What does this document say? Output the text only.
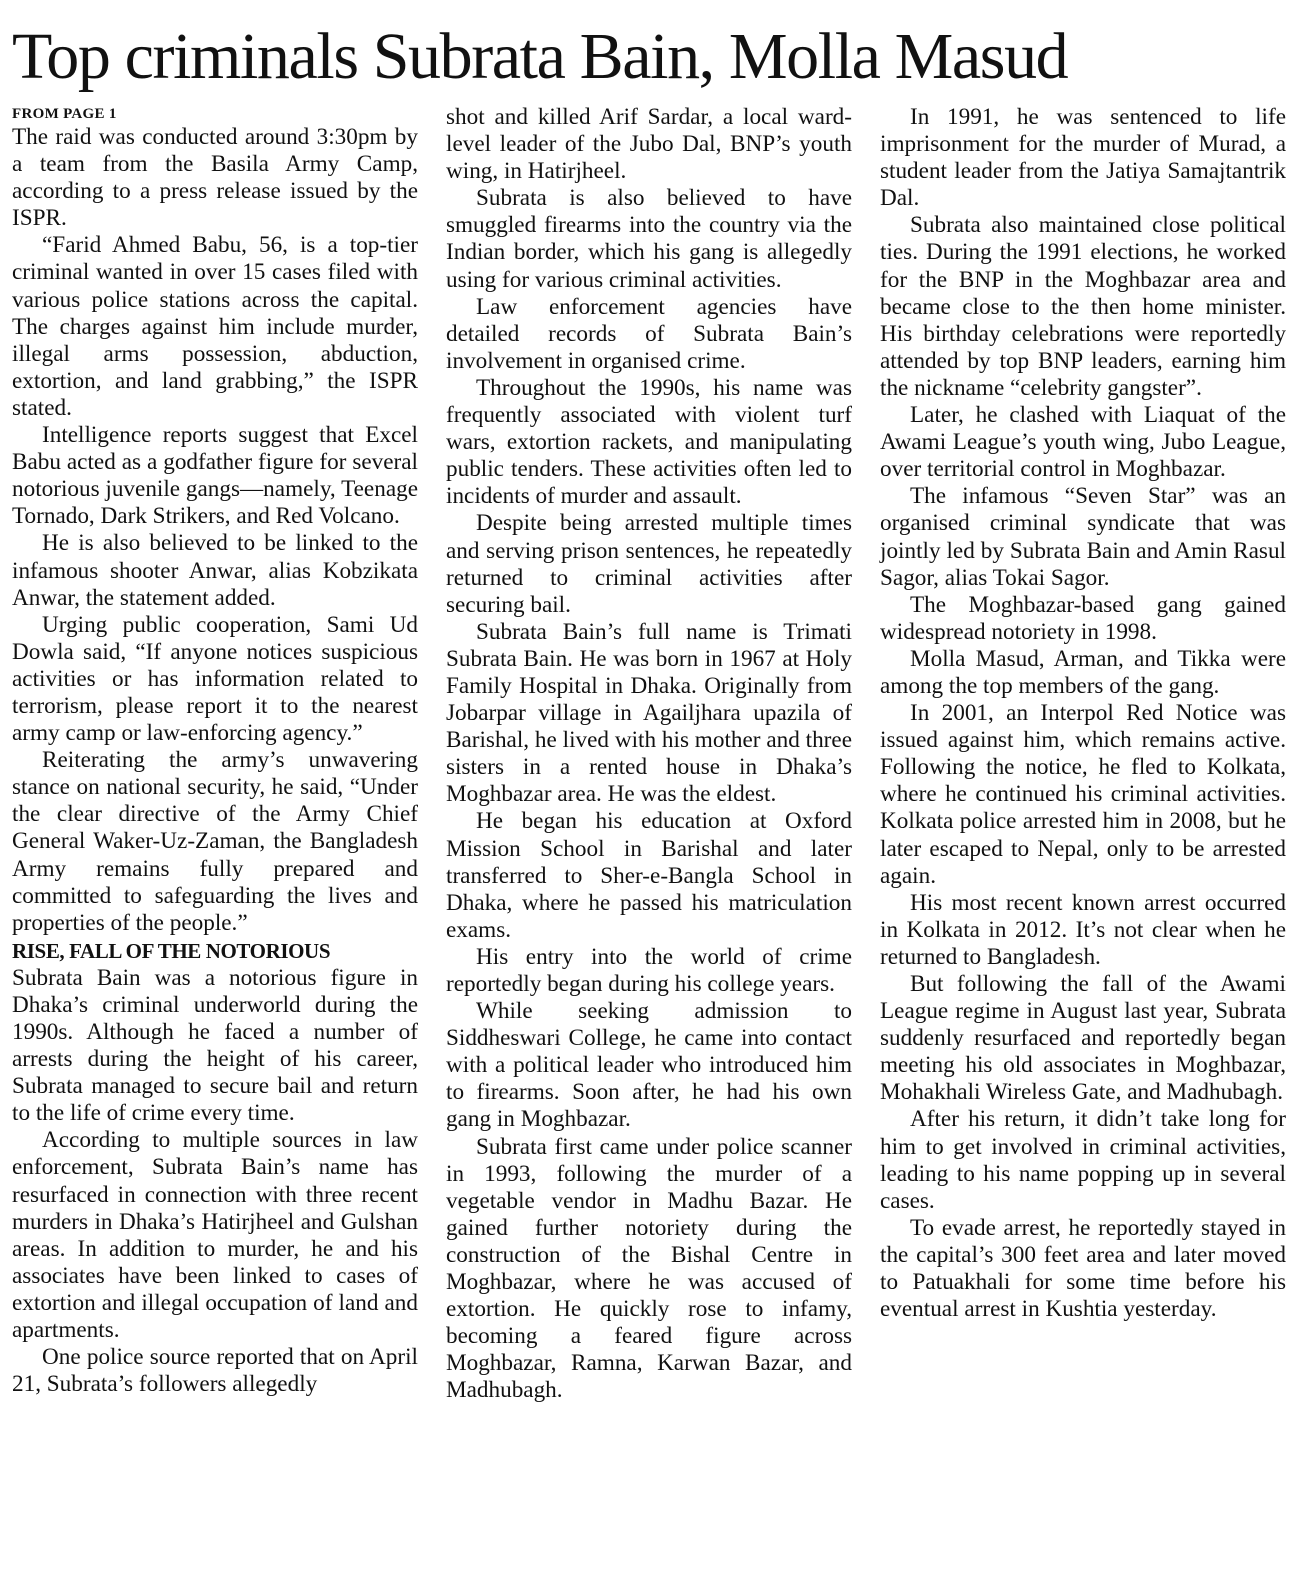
Top criminals Subrata Bain, Molla Masud
FROM PAGE 1

The raid was conducted around 3:30pm by a team from the Basila Army Camp, according to a press release issued by the ISPR.

“Farid Ahmed Babu, 56, is a top-tier criminal wanted in over 15 cases filed with various police stations across the capital. The charges against him include murder, illegal arms possession, abduction, extortion, and land grabbing,” the ISPR stated.

Intelligence reports suggest that Excel Babu acted as a godfather figure for several notorious juvenile gangs—namely, Teenage Tornado, Dark Strikers, and Red Volcano.

He is also believed to be linked to the infamous shooter Anwar, alias Kobzikata Anwar, the statement added.

Urging public cooperation, Sami Ud Dowla said, “If anyone notices suspicious activities or has information related to terrorism, please report it to the nearest army camp or law-enforcing agency.”

Reiterating the army’s unwavering stance on national security, he said, “Under the clear directive of the Army Chief General Waker-Uz-Zaman, the Bangladesh Army remains fully prepared and committed to safeguarding the lives and properties of the people.”

RISE, FALL OF THE NOTORIOUS

Subrata Bain was a notorious figure in Dhaka’s criminal underworld during the 1990s. Although he faced a number of arrests during the height of his career, Subrata managed to secure bail and return to the life of crime every time.

According to multiple sources in law enforcement, Subrata Bain’s name has resurfaced in connection with three recent murders in Dhaka’s Hatirjheel and Gulshan areas. In addition to murder, he and his associates have been linked to cases of extortion and illegal occupation of land and apartments.

One police source reported that on April 21, Subrata’s followers allegedly

shot and killed Arif Sardar, a local ward-level leader of the Jubo Dal, BNP’s youth wing, in Hatirjheel.

Subrata is also believed to have smuggled firearms into the country via the Indian border, which his gang is allegedly using for various criminal activities.

Law enforcement agencies have detailed records of Subrata Bain’s involvement in organised crime.

Throughout the 1990s, his name was frequently associated with violent turf wars, extortion rackets, and manipulating public tenders. These activities often led to incidents of murder and assault.

Despite being arrested multiple times and serving prison sentences, he repeatedly returned to criminal activities after securing bail.

Subrata Bain’s full name is Trimati Subrata Bain. He was born in 1967 at Holy Family Hospital in Dhaka. Originally from Jobarpar village in Agailjhara upazila of Barishal, he lived with his mother and three sisters in a rented house in Dhaka’s Moghbazar area. He was the eldest.

He began his education at Oxford Mission School in Barishal and later transferred to Sher-e-Bangla School in Dhaka, where he passed his matriculation exams.

His entry into the world of crime reportedly began during his college years.

While seeking admission to Siddheswari College, he came into contact with a political leader who introduced him to firearms. Soon after, he had his own gang in Moghbazar.

Subrata first came under police scanner in 1993, following the murder of a vegetable vendor in Madhu Bazar. He gained further notoriety during the construction of the Bishal Centre in Moghbazar, where he was accused of extortion. He quickly rose to infamy, becoming a feared figure across Moghbazar, Ramna, Karwan Bazar, and Madhubagh.

In 1991, he was sentenced to life imprisonment for the murder of Murad, a student leader from the Jatiya Samajtantrik Dal.

Subrata also maintained close political ties. During the 1991 elections, he worked for the BNP in the Moghbazar area and became close to the then home minister. His birthday celebrations were reportedly attended by top BNP leaders, earning him the nickname “celebrity gangster”.

Later, he clashed with Liaquat of the Awami League’s youth wing, Jubo League, over territorial control in Moghbazar.

The infamous “Seven Star” was an organised criminal syndicate that was jointly led by Subrata Bain and Amin Rasul Sagor, alias Tokai Sagor.

The Moghbazar-based gang gained widespread notoriety in 1998.

Molla Masud, Arman, and Tikka were among the top members of the gang.

In 2001, an Interpol Red Notice was issued against him, which remains active. Following the notice, he fled to Kolkata, where he continued his criminal activities. Kolkata police arrested him in 2008, but he later escaped to Nepal, only to be arrested again.

His most recent known arrest occurred in Kolkata in 2012. It’s not clear when he returned to Bangladesh.

But following the fall of the Awami League regime in August last year, Subrata suddenly resurfaced and reportedly began meeting his old associates in Moghbazar, Mohakhali Wireless Gate, and Madhubagh.

After his return, it didn’t take long for him to get involved in criminal activities, leading to his name popping up in several cases.

To evade arrest, he reportedly stayed in the capital’s 300 feet area and later moved to Patuakhali for some time before his eventual arrest in Kushtia yesterday.
